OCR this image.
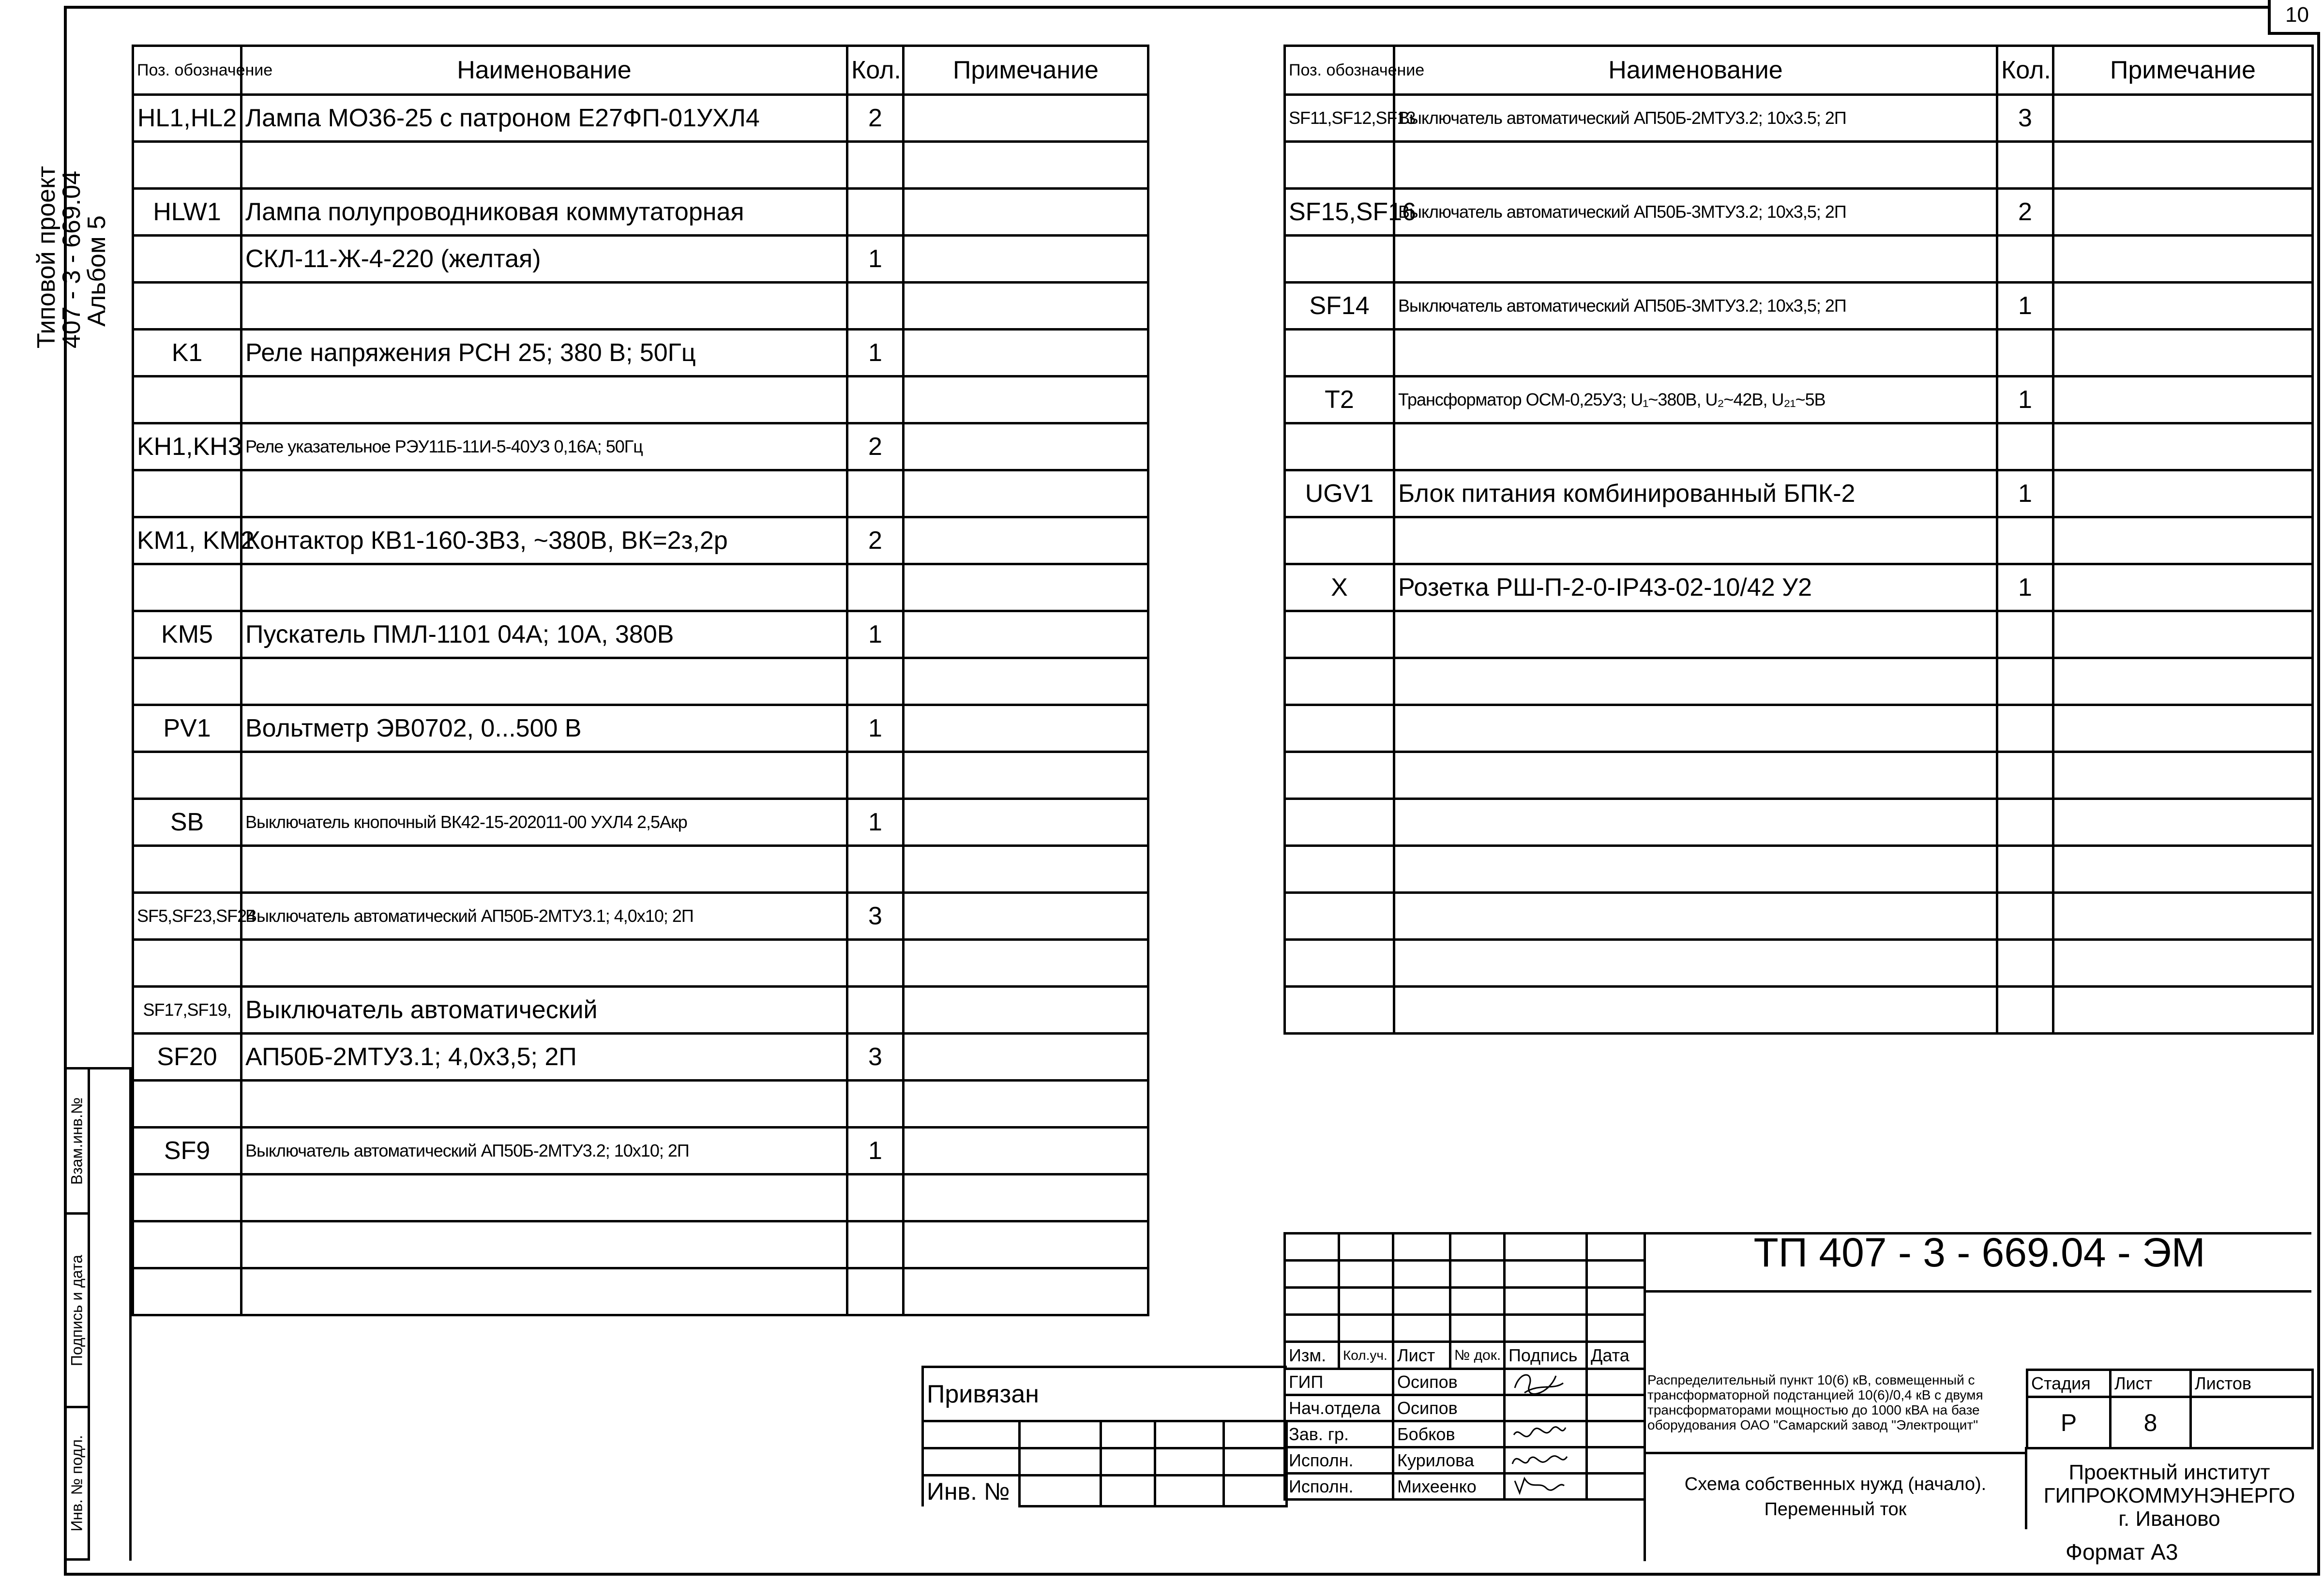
10
Типовой проект
407 - 3 - 669.04
Альбом 5
Взам.инв.№
Подпись и дата
Инв. № подл.
Поз. обозначение	Наименование	Кол.	Примечание
HL1,HL2	Лампа МО36-25 с патроном Е27ФП-01УХЛ4	2	

HLW1	Лампа полупроводниковая коммутаторная		
	СКЛ-11-Ж-4-220 (желтая)	1	

K1	Реле напряжения РСН 25; 380 В; 50Гц	1	

KH1,KH3	Реле указательное РЭУ11Б-11И-5-40УЗ 0,16А; 50Гц	2	

KM1, KM2	Контактор КВ1-160-3В3, ~380В, ВК=2з,2р	2	

KM5	Пускатель ПМЛ-1101 04А; 10А, 380В	1	

PV1	Вольтметр ЭВ0702, 0...500 В	1	

SB	Выключатель кнопочный ВК42-15-202011-00 УХЛ4 2,5Акр	1	

SF5,SF23,SF24	Выключатель автоматический АП50Б-2МТУ3.1; 4,0х10; 2П	3	

SF17,SF19,	Выключатель автоматический		
SF20	АП50Б-2МТУ3.1; 4,0х3,5; 2П	3	

SF9	Выключатель автоматический АП50Б-2МТУ3.2; 10х10; 2П	1	

Поз. обозначение	Наименование	Кол.	Примечание
SF11,SF12,SF13	Выключатель автоматический АП50Б-2МТУ3.2; 10х3.5; 2П	3	

SF15,SF16	Выключатель автоматический АП50Б-3МТУ3.2; 10х3,5; 2П	2	

SF14	Выключатель автоматический АП50Б-3МТУ3.2; 10х3,5; 2П	1	

T2	Трансформатор ОСМ-0,25У3; U₁~380В, U₂~42В, U₂₁~5В	1	

UGV1	Блок питания комбинированный БПК-2	1	

X	Розетка РШ-П-2-0-IP43-02-10/42 У2	1	

Привязан				

Инв. №				

Изм.	Кол.уч.	Лист	№ док.	Подпись	Дата
ГИП		Осипов			
Нач.отдела		Осипов			
Зав. гр.		Бобков			
Исполн.		Курилова			
Исполн.		Михеенко			
ТП 407 - 3 - 669.04 - ЭМ
Распределительный пункт 10(6) кВ, совмещенный с трансформаторной подстанцией 10(6)/0,4 кВ с двумя трансформаторами мощностью до 1000 кВА на базе оборудования ОАО "Самарский завод "Электрощит"
Стадия	Лист	Листов
Р	8	
Схема собственных нужд (начало).
Переменный ток
Проектный институт
ГИПРОКОММУНЭНЕРГО
г. Иваново
Формат А3
